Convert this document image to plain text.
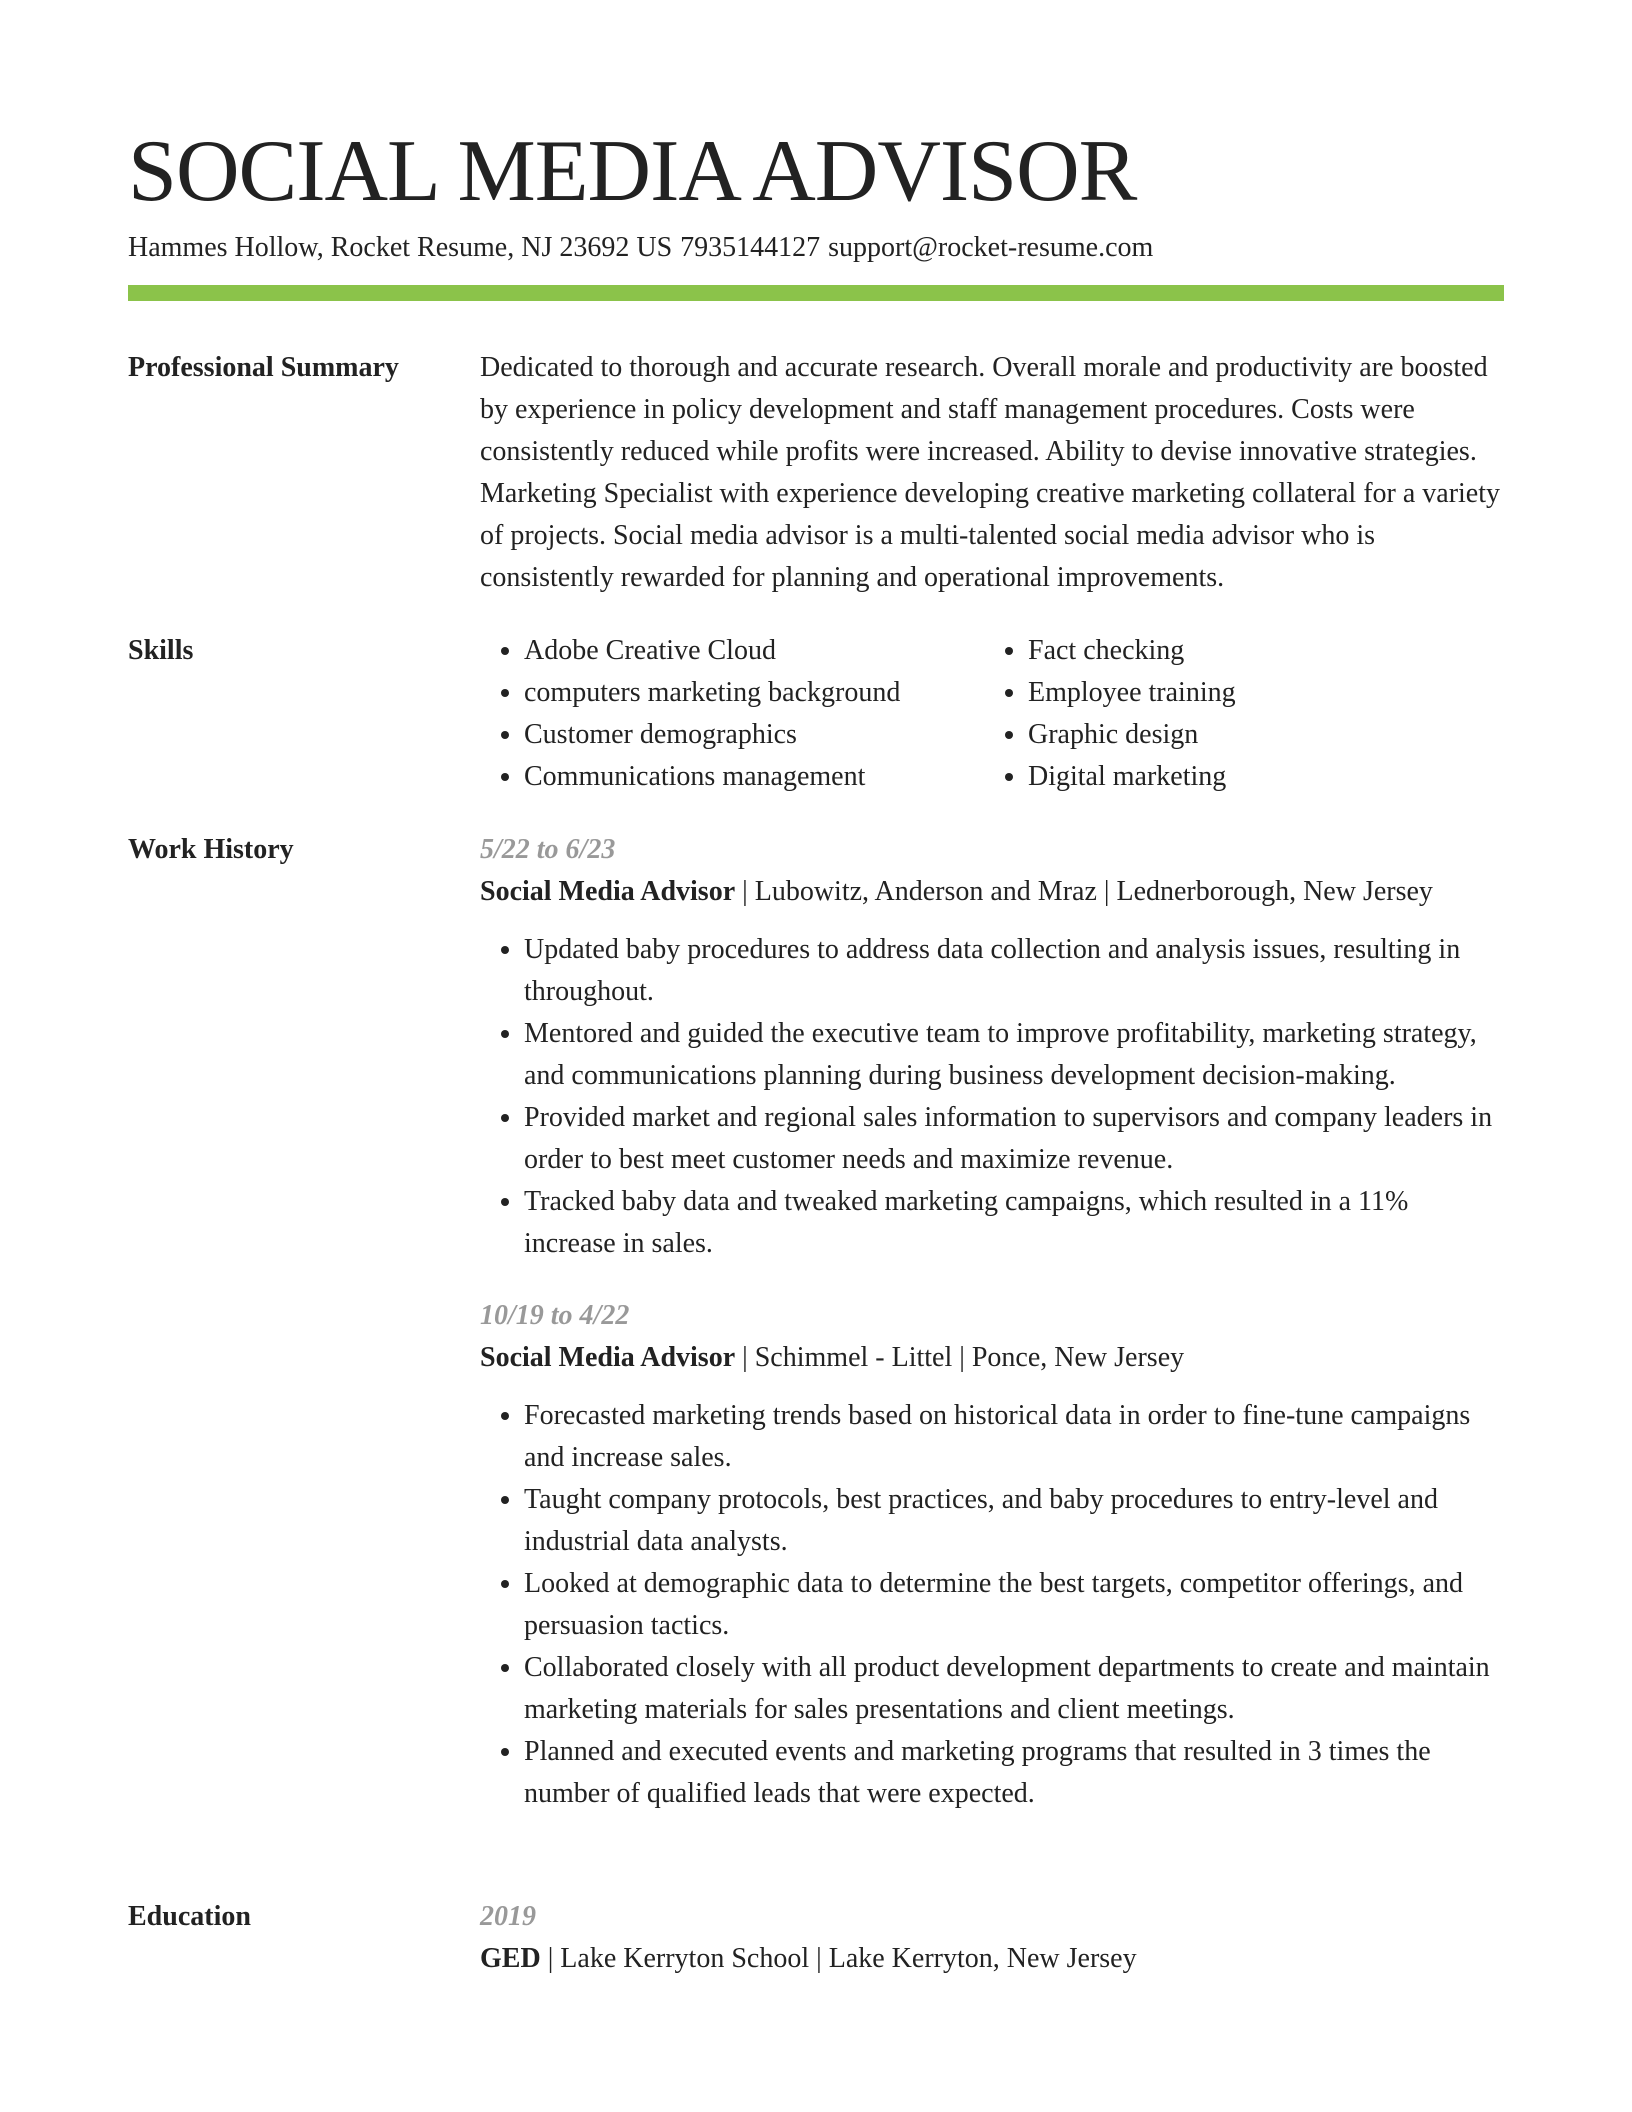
SOCIAL MEDIA ADVISOR
Hammes Hollow, Rocket Resume, NJ 23692 US 7935144127 support@rocket-resume.com
Professional Summary	Dedicated to thorough and accurate research. Overall morale and productivity are boosted by experience in policy development and staff management procedures. Costs were consistently reduced while profits were increased. Ability to devise innovative strategies. Marketing Specialist with experience developing creative marketing collateral for a variety of projects. Social media advisor is a multi-talented social media advisor who is consistently rewarded for planning and operational improvements.

Skills
•	Adobe Creative Cloud
• computers marketing background
• Customer demographics
• Communications management
• Fact checking
• Employee training
• Graphic design
• Digital marketing
Work History	5/22 to 6/23
Social Media Advisor | Lubowitz, Anderson and Mraz | Lednerborough, New Jersey
• Updated baby procedures to address data collection and analysis issues, resulting in throughout.
• Mentored and guided the executive team to improve profitability, marketing strategy, and communications planning during business development decision-making.
• Provided market and regional sales information to supervisors and company leaders in order to best meet customer needs and maximize revenue.
• Tracked baby data and tweaked marketing campaigns, which resulted in a 11% increase in sales.
10/19 to 4/22
Social Media Advisor | Schimmel - Littel | Ponce, New Jersey
• Forecasted marketing trends based on historical data in order to fine-tune campaigns and increase sales.
• Taught company protocols, best practices, and baby procedures to entry-level and industrial data analysts.
• Looked at demographic data to determine the best targets, competitor offerings, and persuasion tactics.
• Collaborated closely with all product development departments to create and maintain marketing materials for sales presentations and client meetings.
• Planned and executed events and marketing programs that resulted in 3 times the number of qualified leads that were expected.
Education	2019
GED | Lake Kerryton School | Lake Kerryton, New Jersey
